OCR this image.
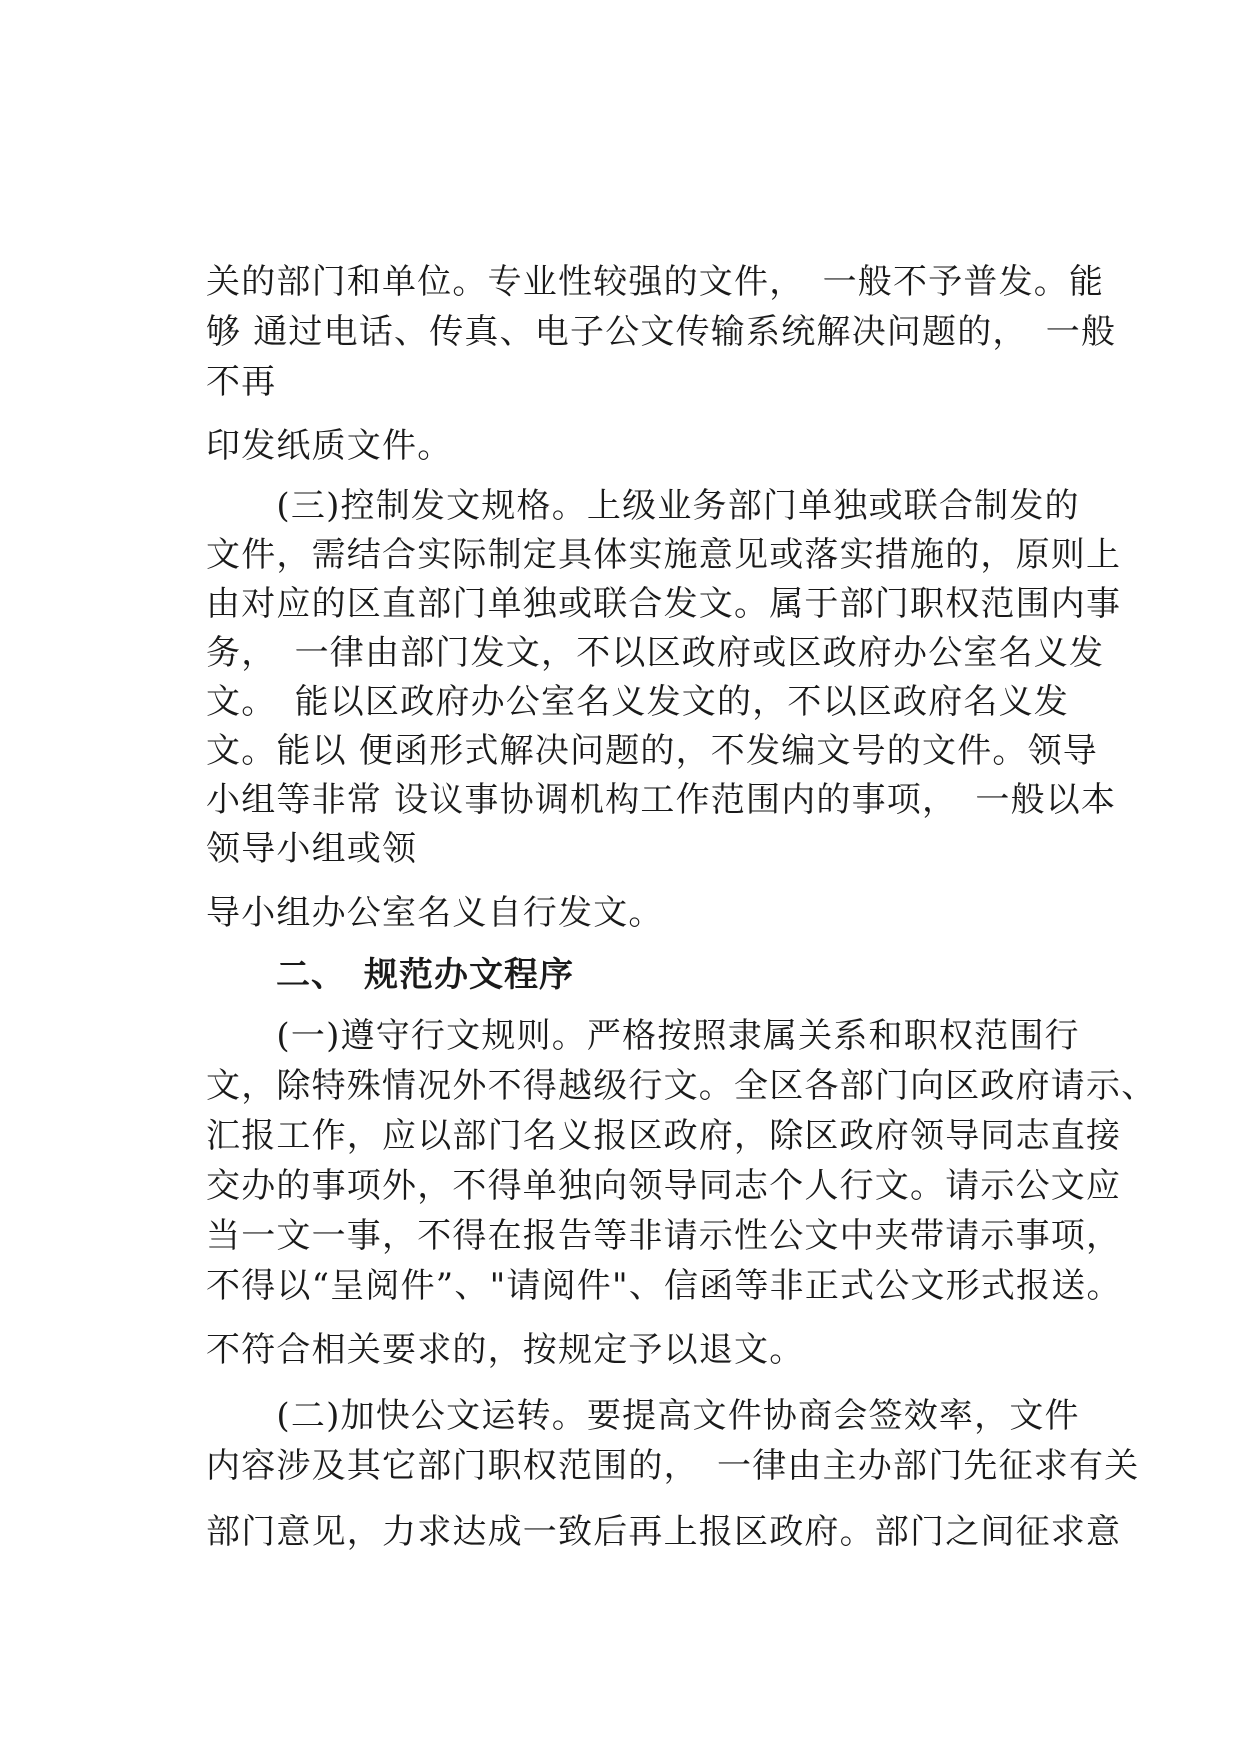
关的部门和单位。专业性较强的文件，　一般不予普发。能
够 通过电话、传真、电子公文传输系统解决问题的，　一般
不再
印发纸质文件。
　　(三)控制发文规格。上级业务部门单独或联合制发的
文件，需结合实际制定具体实施意见或落实措施的，原则上
由对应的区直部门单独或联合发文。属于部门职权范围内事
务，　一律由部门发文，不以区政府或区政府办公室名义发
文。　能以区政府办公室名义发文的，不以区政府名义发
文。能以 便函形式解决问题的，不发编文号的文件。领导
小组等非常 设议事协调机构工作范围内的事项，　一般以本
领导小组或领
导小组办公室名义自行发文。
　　二、　规范办文程序
　　(一)遵守行文规则。严格按照隶属关系和职权范围行
文，除特殊情况外不得越级行文。全区各部门向区政府请示、
汇报工作，应以部门名义报区政府，除区政府领导同志直接
交办的事项外，不得单独向领导同志个人行文。请示公文应
当一文一事，不得在报告等非请示性公文中夹带请示事项，
不得以“呈阅件”、"请阅件"、信函等非正式公文形式报送。
不符合相关要求的，按规定予以退文。
　　(二)加快公文运转。要提高文件协商会签效率，文件
内容涉及其它部门职权范围的，　一律由主办部门先征求有关
部门意见，力求达成一致后再上报区政府。部门之间征求意
